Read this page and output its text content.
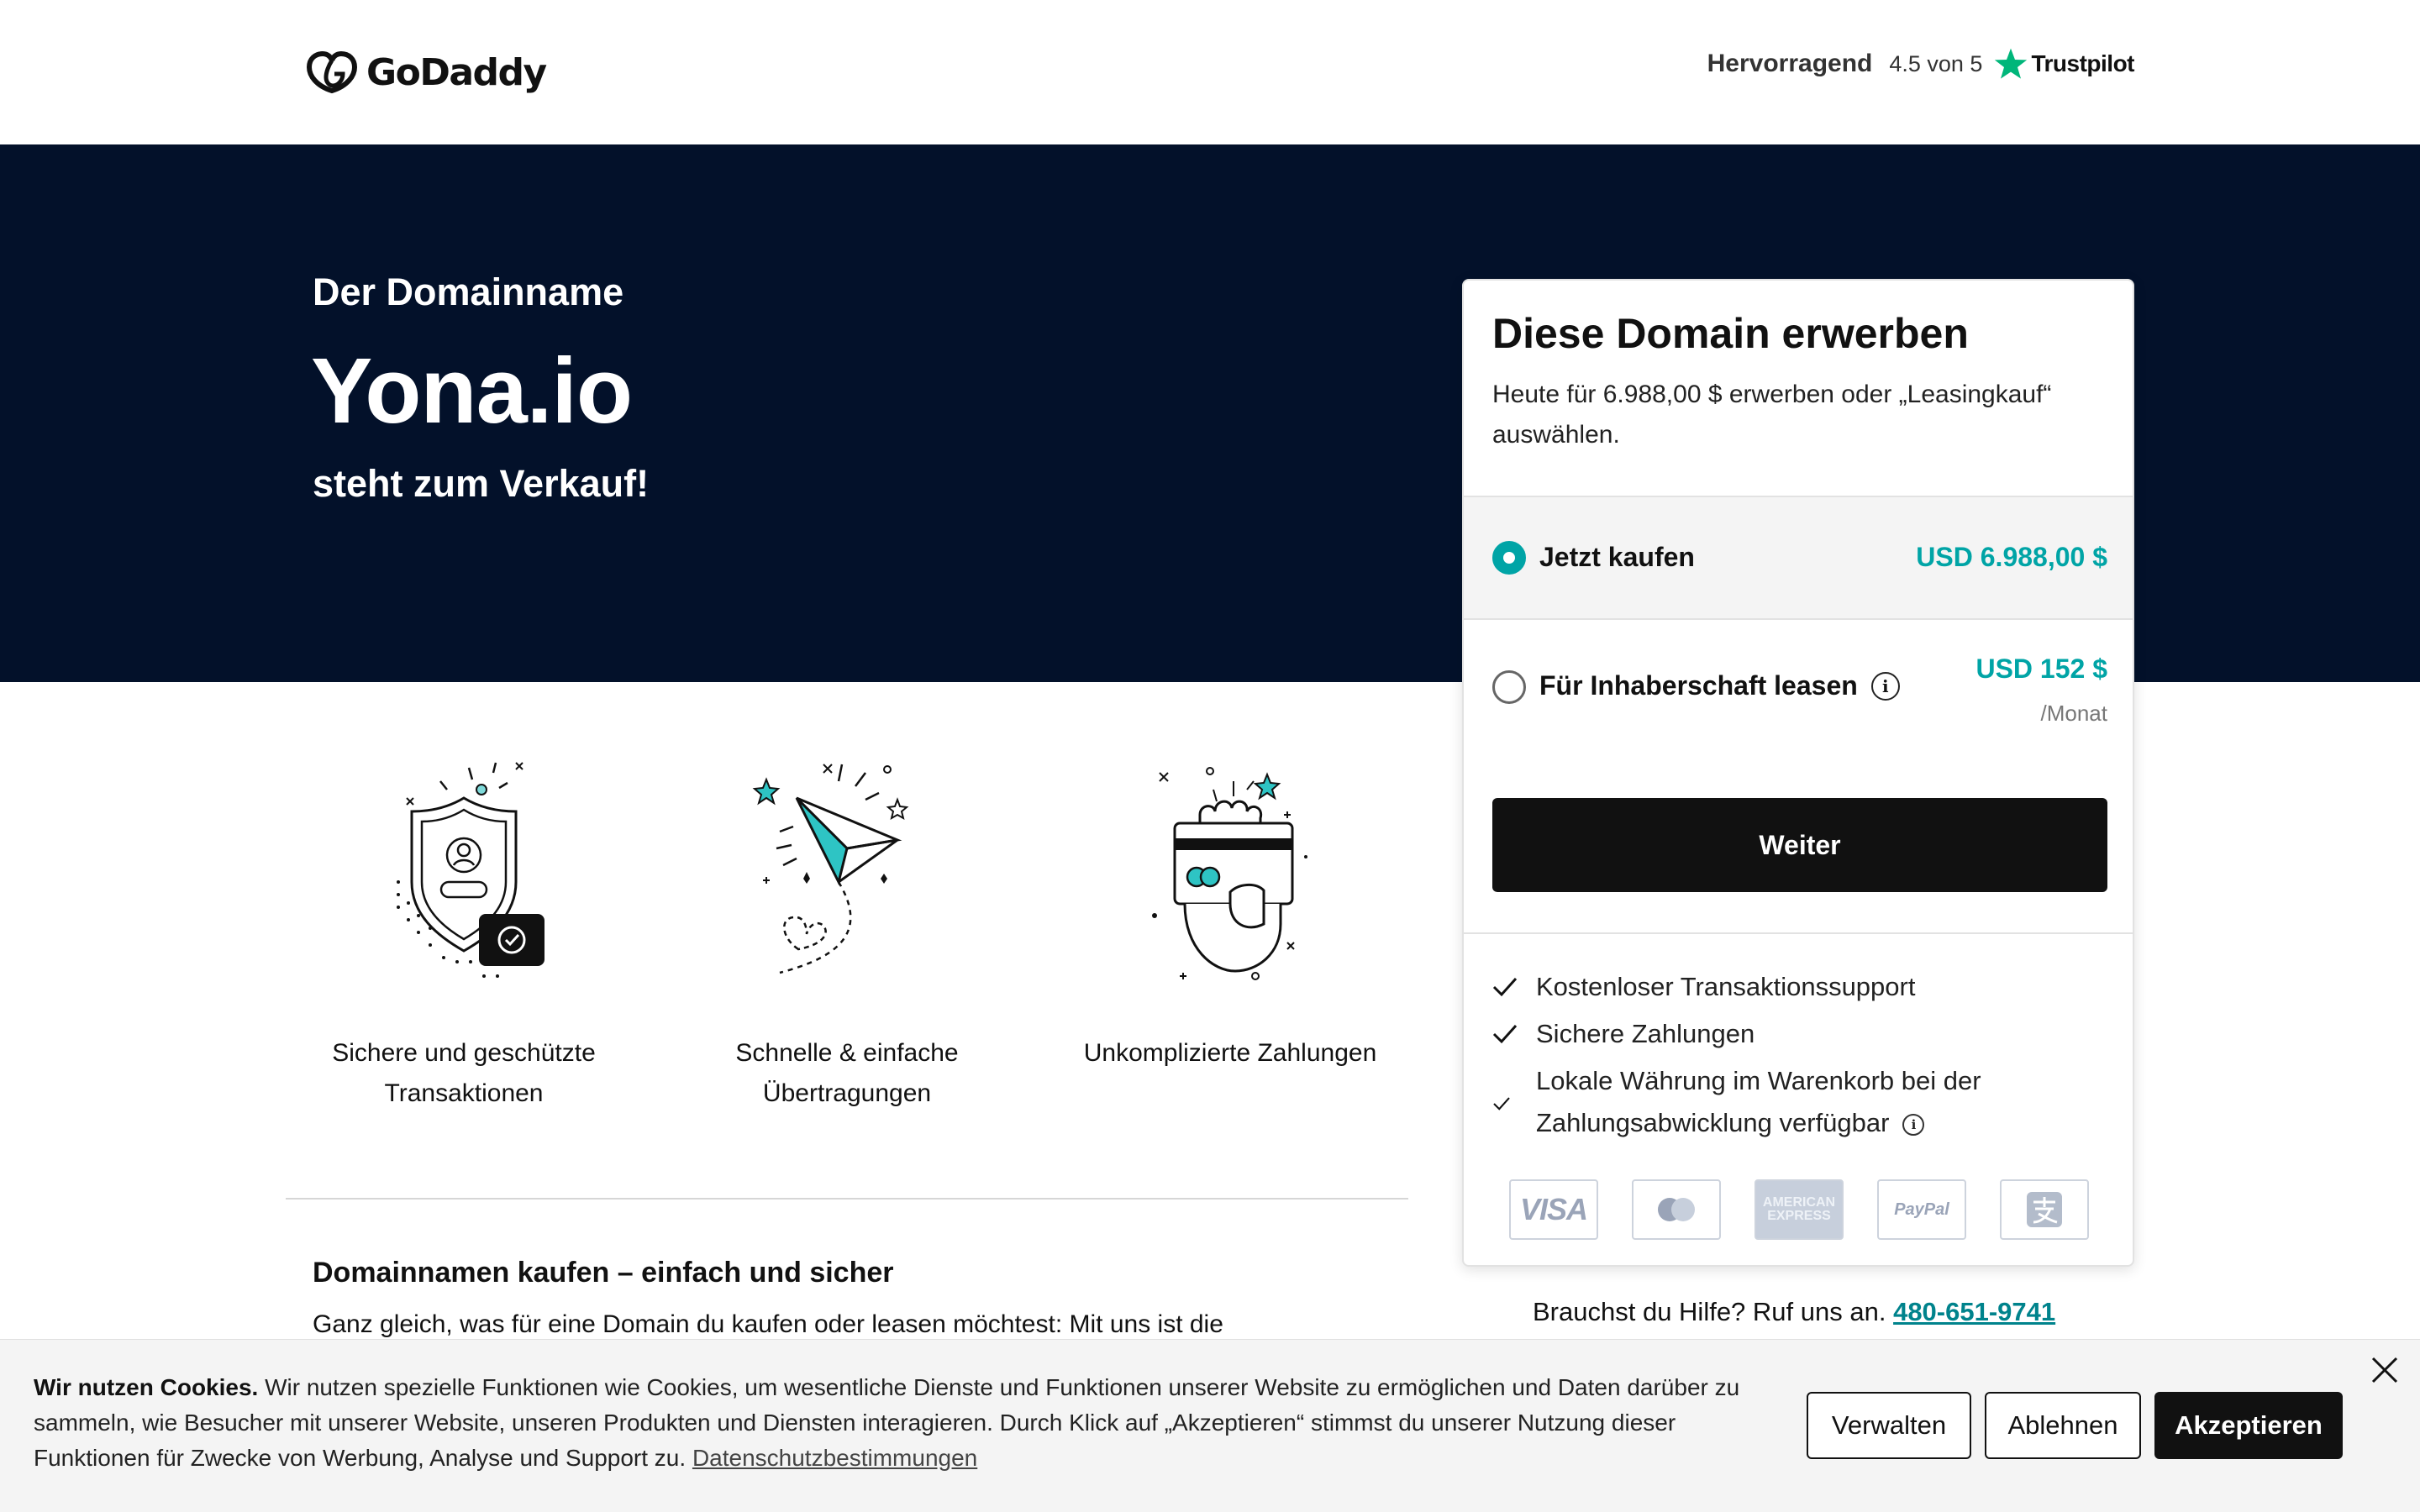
GoDaddy	Hervorragend 4.5 von 5 Trustpilot
Der Domainname
Yona.io
steht zum Verkauf!
Sichere und geschützte
Transaktionen
Schnelle & einfache
Übertragungen
Unkomplizierte Zahlungen

Domainnamen kaufen – einfach und sicher
Ganz gleich, was für eine Domain du kaufen oder leasen möchtest: Mit uns ist die
Diese Domain erwerben
Heute für 6.988,00 $ erwerben oder „Leasingkauf“ auswählen.
Jetzt kaufen	USD 6.988,00 $
Für Inhaberschaft leasen	i
USD 152 $
/Monat
Weiter
Kostenloser Transaktionssupport
Sichere Zahlungen
Lokale Währung im Warenkorb bei der
Zahlungsabwicklung verfügbar i
VISA	AMERICAN EXPRESS	PayPal
Brauchst du Hilfe? Ruf uns an. 480-651-9741
Wir nutzen Cookies. Wir nutzen spezielle Funktionen wie Cookies, um wesentliche Dienste und Funktionen unserer Website zu ermöglichen und Daten darüber zu sammeln, wie Besucher mit unserer Website, unseren Produkten und Diensten interagieren. Durch Klick auf „Akzeptieren“ stimmst du unserer Nutzung dieser Funktionen für Zwecke von Werbung, Analyse und Support zu. Datenschutzbestimmungen
Verwalten	Ablehnen	Akzeptieren
